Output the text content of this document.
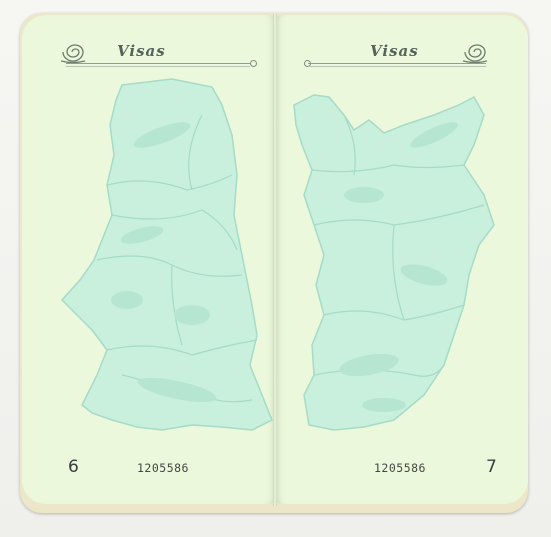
Visas
6	1205586
Visas
1205586	7
